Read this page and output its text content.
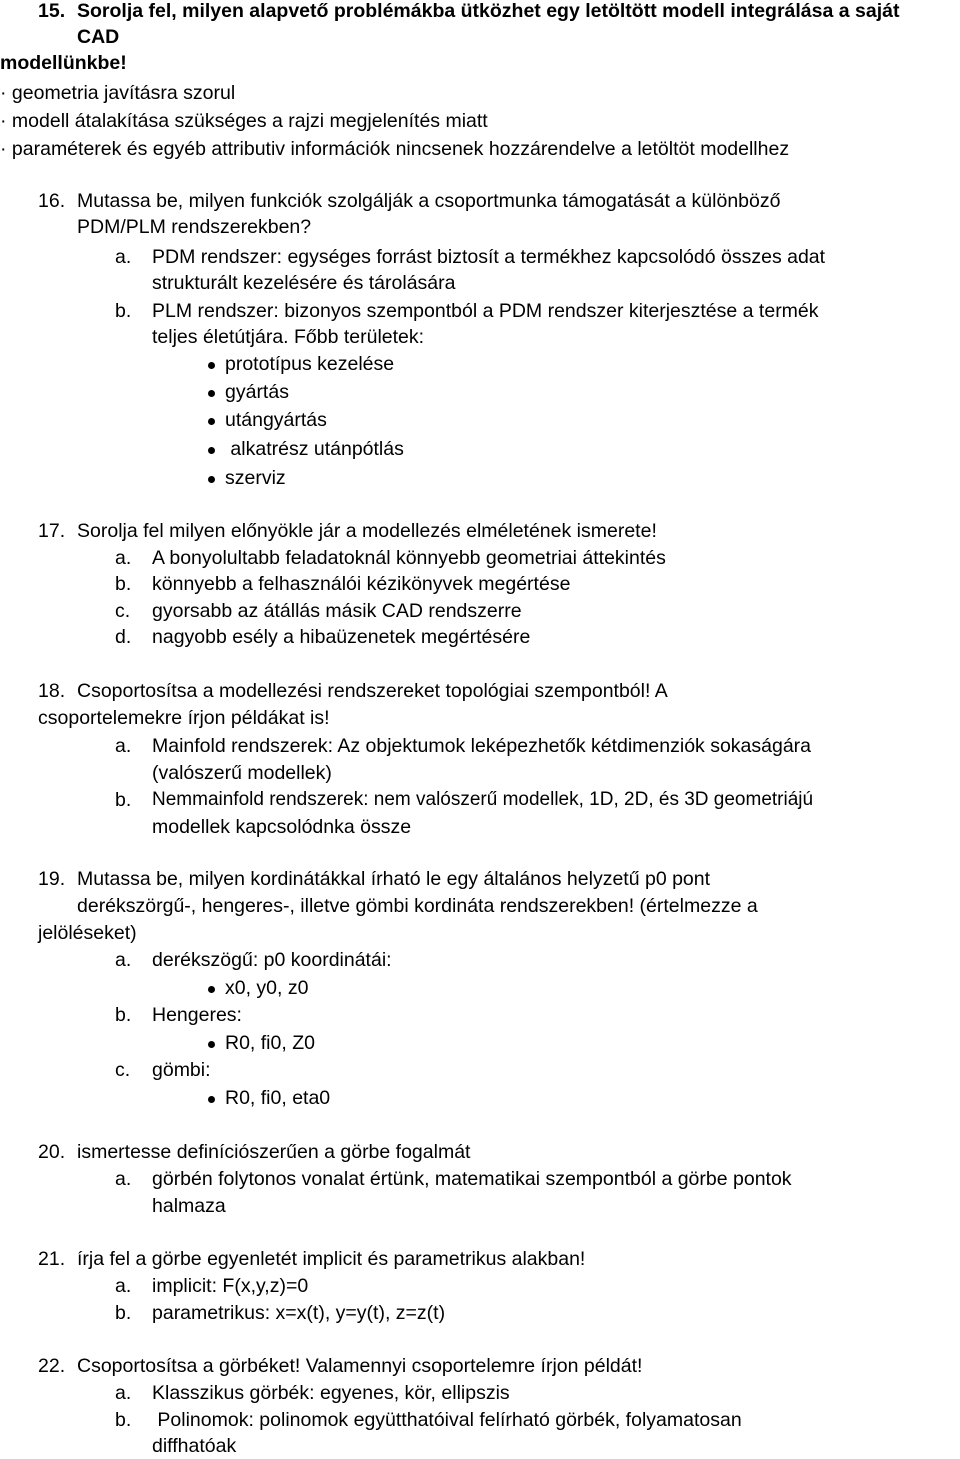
15. Sorolja fel, milyen alapvető problémákba ütközhet egy letöltött modell integrálása a saját
CAD
modellünkbe!
· geometria javításra szorul
· modell átalakítása szükséges a rajzi megjelenítés miatt
· paraméterek és egyéb attributiv információk nincsenek hozzárendelve a letöltöt modellhez
16. Mutassa be, milyen funkciók szolgálják a csoportmunka támogatását a különböző
PDM/PLM rendszerekben?
a. PDM rendszer: egységes forrást biztosít a termékhez kapcsolódó összes adat
strukturált kezelésére és tárolására
b. PLM rendszer: bizonyos szempontból a PDM rendszer kiterjesztése a termék
teljes életútjára. Főbb területek:
prototípus kezelése
gyártás
utángyártás
alkatrész utánpótlás
szerviz
17. Sorolja fel milyen előnyökle jár a modellezés elméletének ismerete!
a. A bonyolultabb feladatoknál könnyebb geometriai áttekintés
b. könnyebb a felhasználói kézikönyvek megértése
c. gyorsabb az átállás másik CAD rendszerre
d. nagyobb esély a hibaüzenetek megértésére
18. Csoportosítsa a modellezési rendszereket topológiai szempontból! A
csoportelemekre írjon példákat is!
a. Mainfold rendszerek: Az objektumok leképezhetők kétdimenziók sokaságára
(valószerű modellek)
b. Nemmainfold rendszerek: nem valószerű modellek, 1D, 2D, és 3D geometriájú
modellek kapcsolódnka össze
19. Mutassa be, milyen kordinátákkal írható le egy általános helyzetű p0 pont
derékszörgű-, hengeres-, illetve gömbi kordináta rendszerekben! (értelmezze a
jelöléseket)
a. derékszögű: p0 koordinátái:
x0, y0, z0
b. Hengeres:
R0, fi0, Z0
c. gömbi:
R0, fi0, eta0
20. ismertesse definíciószerűen a görbe fogalmát
a. görbén folytonos vonalat értünk, matematikai szempontból a görbe pontok
halmaza
21. írja fel a görbe egyenletét implicit és parametrikus alakban!
a. implicit: F(x,y,z)=0
b. parametrikus: x=x(t), y=y(t), z=z(t)
22. Csoportosítsa a görbéket! Valamennyi csoportelemre írjon példát!
a. Klasszikus görbék: egyenes, kör, ellipszis
b. Polinomok: polinomok együtthatóival felírható görbék, folyamatosan
diffhatóak
